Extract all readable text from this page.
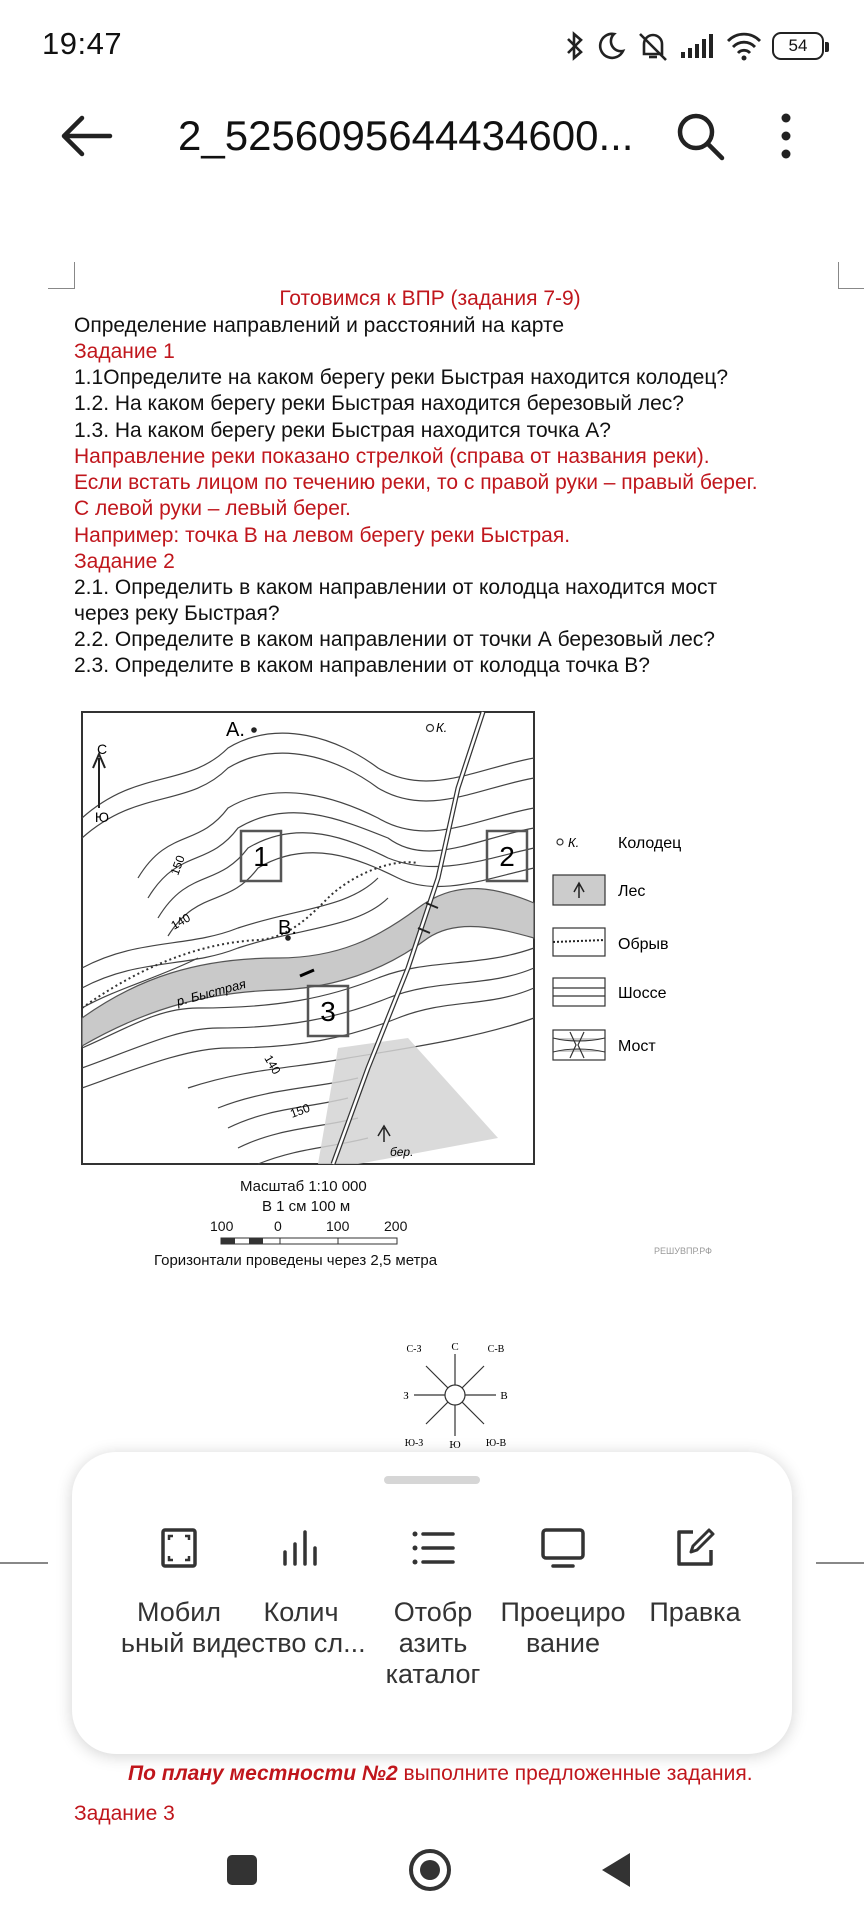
19:47	54
2_5256095644434600...
Готовимся к ВПР (задания 7-9)
Определение направлений и расстояний на карте
Задание 1
1.1Определите на каком берегу реки Быстрая находится колодец?
1.2. На каком берегу реки Быстрая находится березовый лес?
1.3. На каком берегу реки Быстрая находится точка А?
Направление реки показано стрелкой (справа от названия реки).
Если встать лицом по течению реки, то с правой руки – правый берег.
С левой руки – левый берег.
Например: точка В на левом берегу реки Быстрая.
Задание 2
2.1. Определить в каком направлении от колодца находится мост
через реку Быстрая?
2.2. Определите в каком направлении от точки А березовый лес?
2.3. Определите в каком направлении от колодца точка В?
С
Ю
А.	К.
В.
1	2
3
150
140
140
150
р. Быстрая
бер.
К. Колодец
Лес
Обрыв
Шоссе
Мост
Масштаб 1:10 000
В 1 см 100 м
100	0	100 200
Горизонтали проведены через 2,5 метра
РЕШУВПР.РФ
С
Ю
В
З
С-В
С-З
Ю-В
Ю-З
Мобил ьный вид
Колич ество сл...
Отобр азить каталог
Проециро вание
Правка
По плану местности №2 выполните предложенные задания.
Задание 3
